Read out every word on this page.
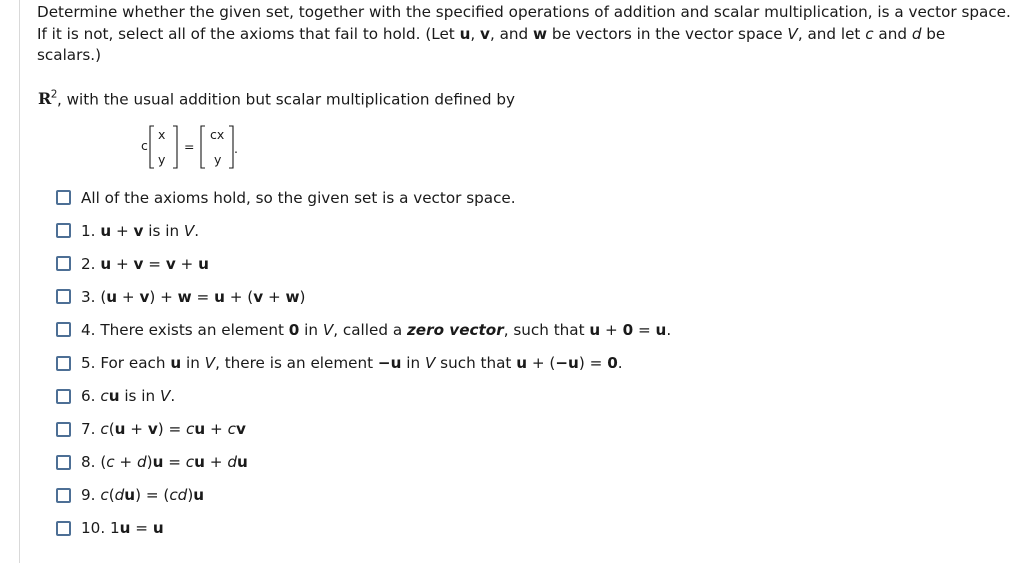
Determine whether the given set, together with the specified operations of addition and scalar multiplication, is a vector space. If it is not, select all of the axioms that fail to hold. (Let u, v, and w be vectors in the vector space V, and let c and d be scalars.)

$R^2$, with the usual addition but scalar multiplication defined by

c
x
y
=
cx
y
.
All of the axioms hold, so the given set is a vector space.
1. u + v is in V.
2. u + v = v + u
3. (u + v) + w = u + (v + w)
4. There exists an element 0 in V, called a zero vector, such that u + 0 = u.
5. For each u in V, there is an element −u in V such that u + (−u) = 0.
6. cu is in V.
7. c(u + v) = cu + cv
8. (c + d)u = cu + du
9. c(du) = (cd)u
10. 1u = u
